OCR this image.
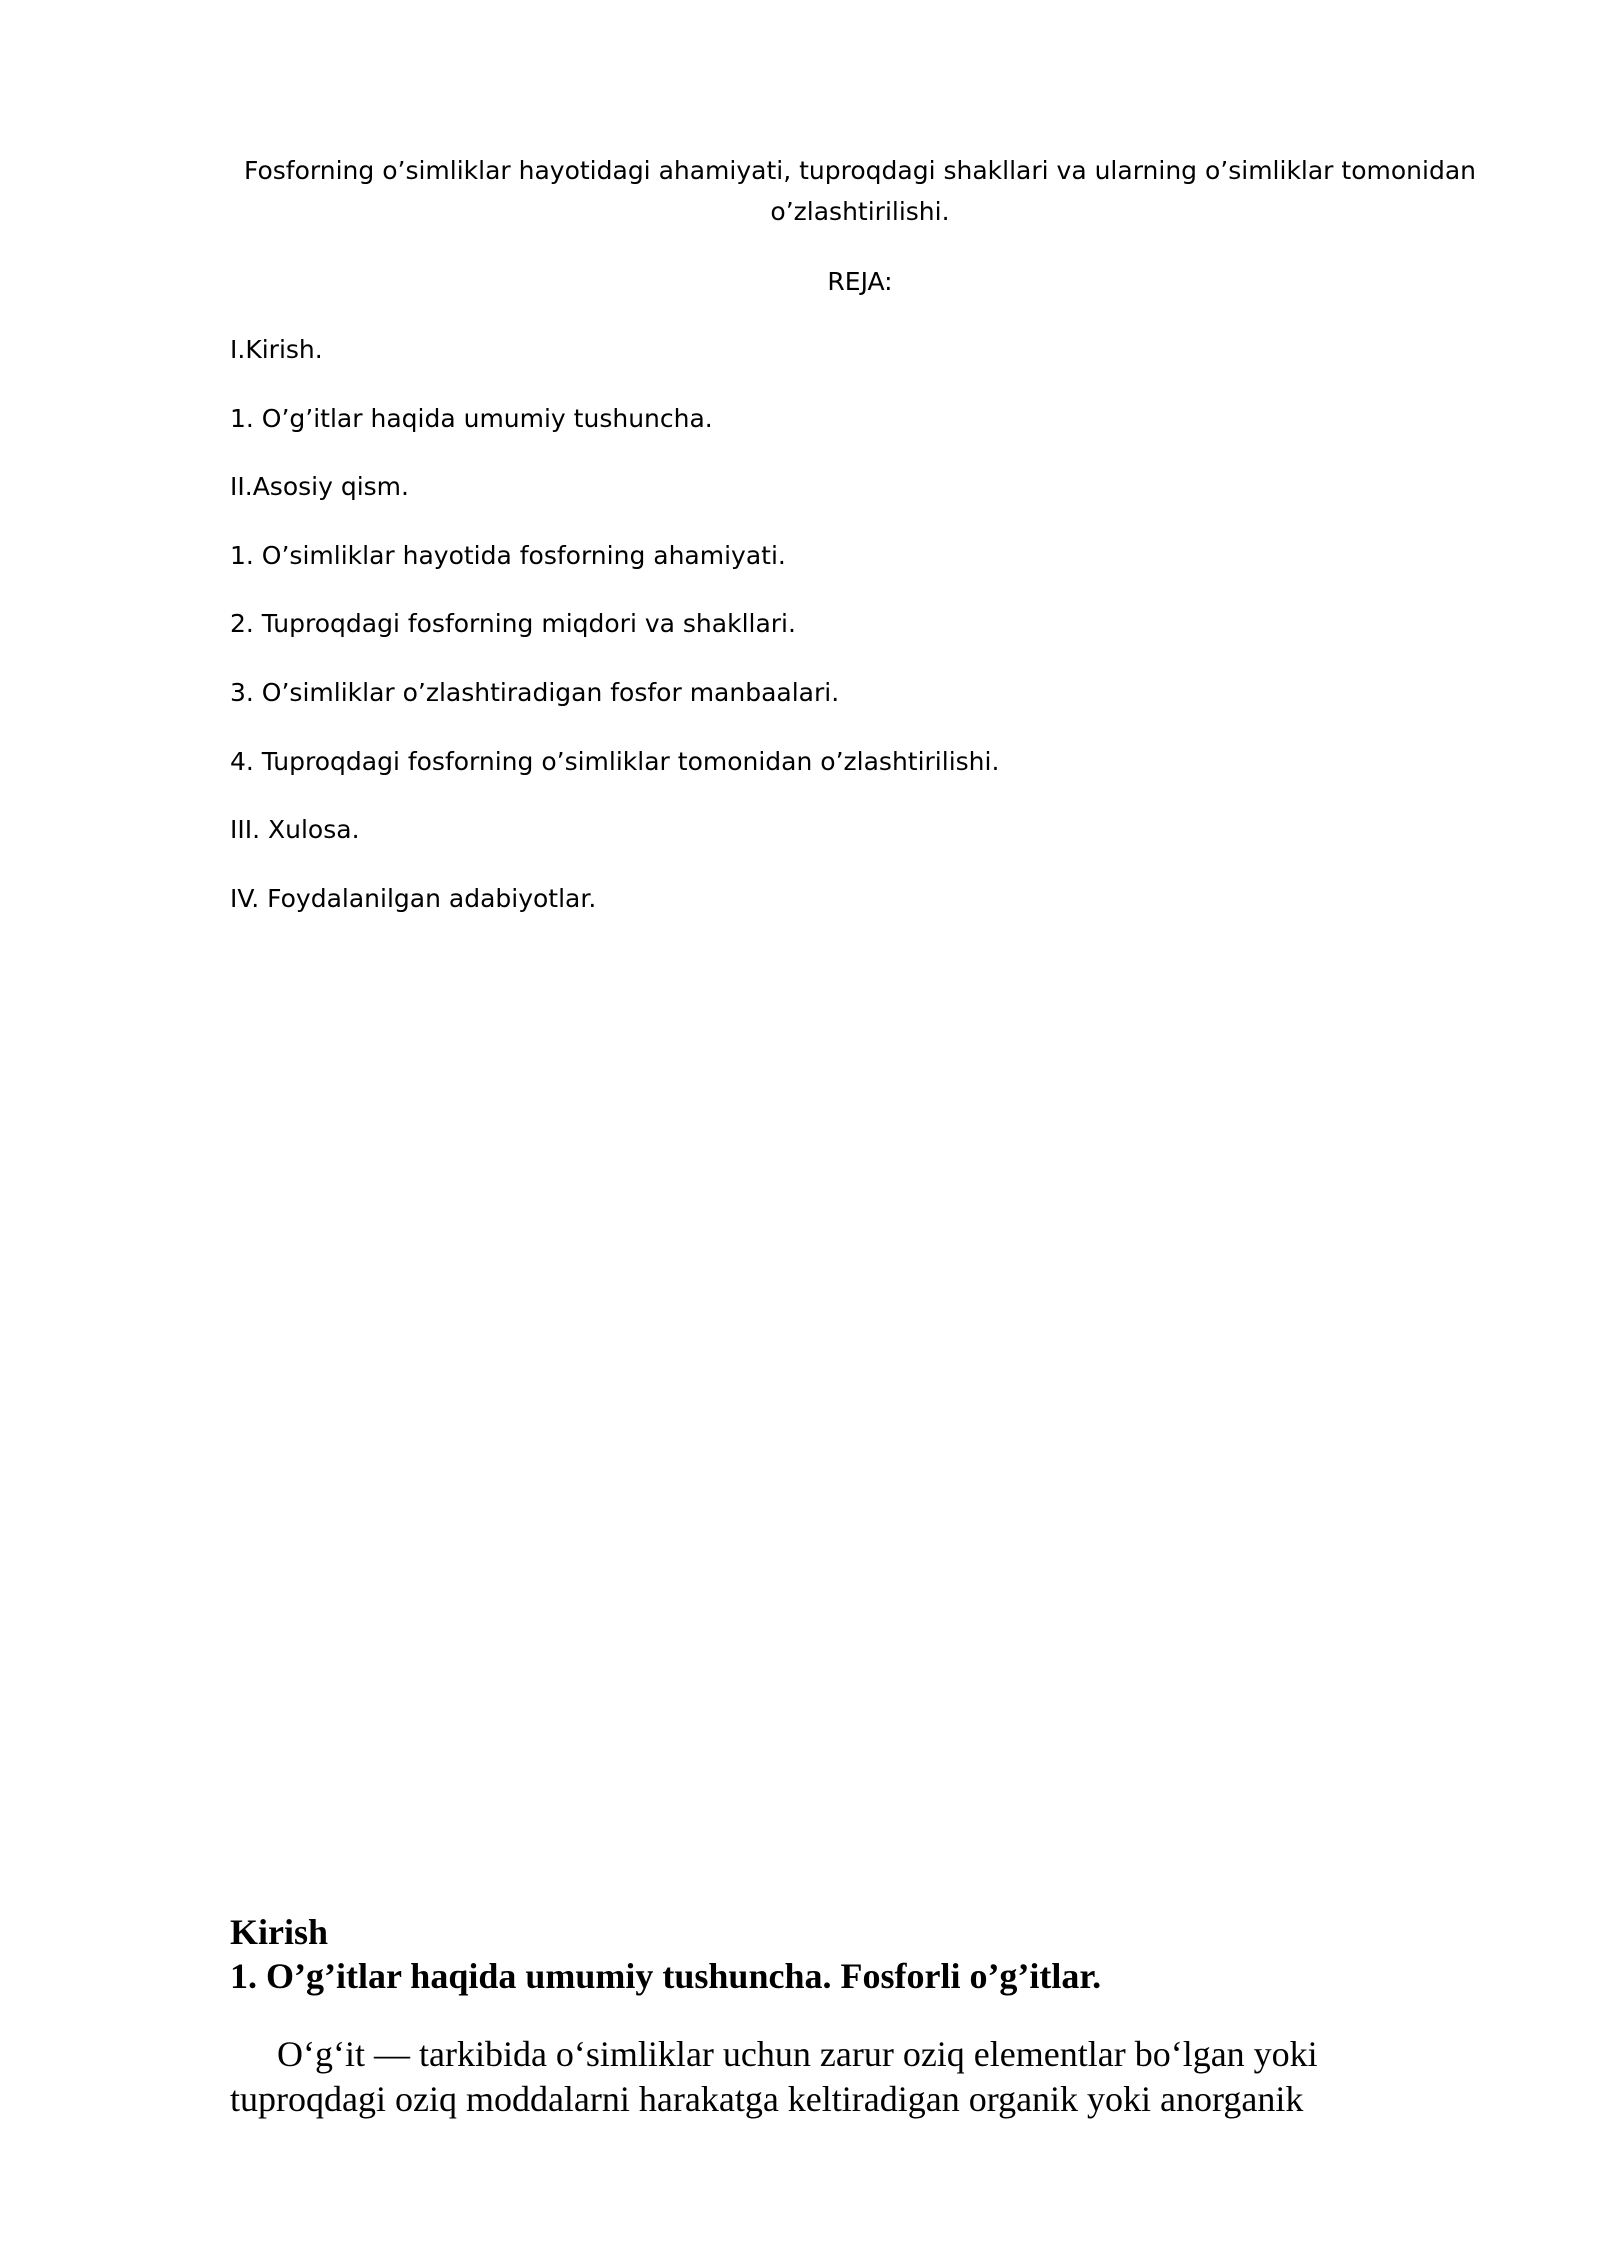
Fosforning o’simliklar hayotidagi ahamiyati, tuproqdagi shakllari va ularning o’simliklar tomonidan
o’zlashtirilishi.

REJA:

I.Kirish.
1. O’g’itlar haqida umumiy tushuncha.
II.Asosiy qism.
1. O’simliklar hayotida fosforning ahamiyati.
2. Tuproqdagi fosforning miqdori va shakllari.
3. O’simliklar o’zlashtiradigan fosfor manbaalari.
4. Tuproqdagi fosforning o’simliklar tomonidan o’zlashtirilishi.
III. Xulosa.
IV. Foydalanilgan adabiyotlar.
Kirish
1. O’g’itlar haqida umumiy tushuncha. Fosforli o’g’itlar.

O‘g‘it — tarkibida o‘simliklar uchun zarur oziq elementlar bo‘lgan yoki
tuproqdagi oziq moddalarni harakatga keltiradigan organik yoki anorganik
